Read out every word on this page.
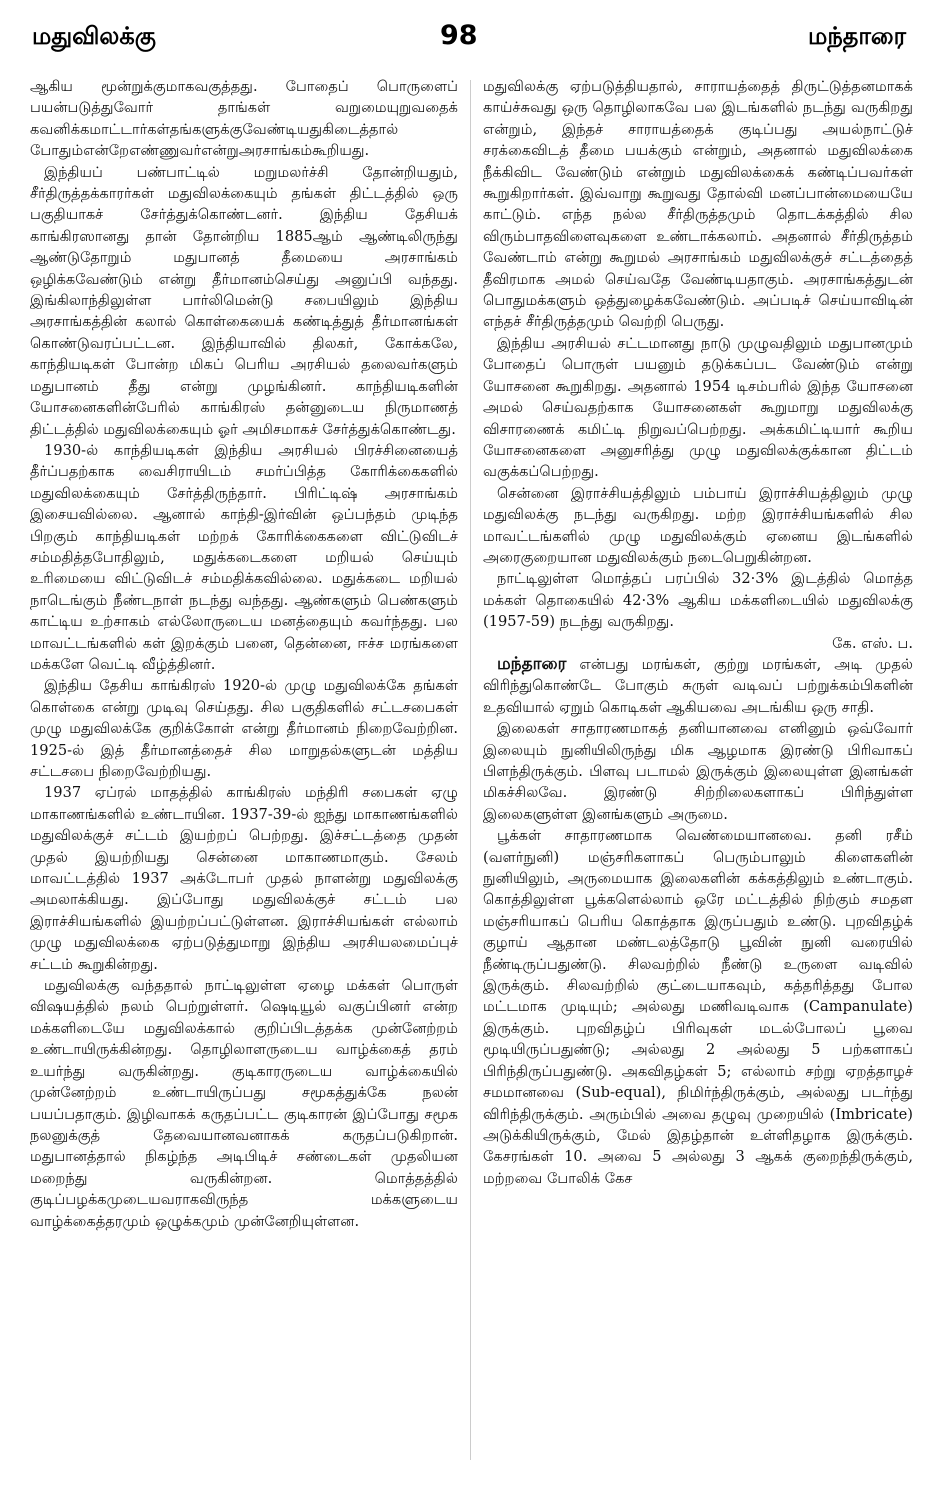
மதுவிலக்கு	98	மந்தாரை

ஆகிய மூன்றுக்குமாகவகுத்தது. போதைப் பொருளைப் பயன்படுத்துவோர் தாங்கள் வறுமையுறுவதைக் கவனிக்கமாட்டார்கள்தங்களுக்குவேண்டியதுகிடைத்தால் போதும்என்றேஎண்ணுவர்என்றுஅரசாங்கம்கூறியது.

இந்தியப் பண்பாட்டில் மறுமலர்ச்சி தோன்றியதும், சீர்திருத்தக்காரர்கள் மதுவிலக்கையும் தங்கள் திட்டத்தில் ஒரு பகுதியாகச் சேர்த்துக்கொண்டனர். இந்திய தேசியக் காங்கிரஸானது தான் தோன்றிய 1885ஆம் ஆண்டிலிருந்து ஆண்டுதோறும் மதுபானத் தீமையை அரசாங்கம் ஒழிக்கவேண்டும் என்று தீர்மானம்செய்து அனுப்பி வந்தது. இங்கிலாந்திலுள்ள பார்லிமென்டு சபையிலும் இந்திய அரசாங்கத்தின் கலால் கொள்கையைக் கண்டித்துத் தீர்மானங்கள் கொண்டுவரப்பட்டன. இந்தியாவில் திலகர், கோக்கலே, காந்தியடிகள் போன்ற மிகப் பெரிய அரசியல் தலைவர்களும் மதுபானம் தீது என்று முழங்கினர். காந்தியடிகளின் யோசனைகளின்பேரில் காங்கிரஸ் தன்னுடைய நிருமாணத் திட்டத்தில் மதுவிலக்கையும் ஓர் அமிசமாகச் சேர்த்துக்கொண்டது.

1930-ல் காந்தியடிகள் இந்திய அரசியல் பிரச்சினையைத் தீர்ப்பதற்காக வைசிராயிடம் சமர்ப்பித்த கோரிக்கைகளில் மதுவிலக்கையும் சேர்த்திருந்தார். பிரிட்டிஷ் அரசாங்கம் இசையவில்லை. ஆனால் காந்தி-இர்வின் ஒப்பந்தம் முடிந்த பிறகும் காந்தியடிகள் மற்றக் கோரிக்கைகளை விட்டுவிடச் சம்மதித்தபோதிலும், மதுக்கடைகளை மறியல் செய்யும் உரிமையை விட்டுவிடச் சம்மதிக்கவில்லை. மதுக்கடை மறியல் நாடெங்கும் நீண்டநாள் நடந்து வந்தது. ஆண்களும் பெண்களும் காட்டிய உற்சாகம் எல்லோருடைய மனத்தையும் கவர்ந்தது. பல மாவட்டங்களில் கள் இறக்கும் பனை, தென்னை, ஈச்ச மரங்களை மக்களே வெட்டி வீழ்த்தினர்.

இந்திய தேசிய காங்கிரஸ் 1920-ல் முழு மதுவிலக்கே தங்கள் கொள்கை என்று முடிவு செய்தது. சில பகுதிகளில் சட்டசபைகள் முழு மதுவிலக்கே குறிக்கோள் என்று தீர்மானம் நிறைவேற்றின. 1925-ல் இத் தீர்மானத்தைச் சில மாறுதல்களுடன் மத்திய சட்டசபை நிறைவேற்றியது.

1937 ஏப்ரல் மாதத்தில் காங்கிரஸ் மந்திரி சபைகள் ஏழு மாகாணங்களில் உண்டாயின. 1937-39-ல் ஐந்து மாகாணங்களில் மதுவிலக்குச் சட்டம் இயற்றப் பெற்றது. இச்சட்டத்தை முதன் முதல் இயற்றியது சென்னை மாகாணமாகும். சேலம் மாவட்டத்தில் 1937 அக்டோபர் முதல் நாளன்று மதுவிலக்கு அமலாக்கியது. இப்போது மதுவிலக்குச் சட்டம் பல இராச்சியங்களில் இயற்றப்பட்டுள்ளன. இராச்சியங்கள் எல்லாம் முழு மதுவிலக்கை ஏற்படுத்துமாறு இந்திய அரசியலமைப்புச் சட்டம் கூறுகின்றது.

மதுவிலக்கு வந்ததால் நாட்டிலுள்ள ஏழை மக்கள் பொருள் விஷயத்தில் நலம் பெற்றுள்ளர். ஷெடியூல் வகுப்பினர் என்ற மக்களிடையே மதுவிலக்கால் குறிப்பிடத்தக்க முன்னேற்றம் உண்டாயிருக்கின்றது. தொழிலாளருடைய வாழ்க்கைத் தரம் உயர்ந்து வருகின்றது. குடிகாரருடைய வாழ்க்கையில் முன்னேற்றம் உண்டாயிருப்பது சமூகத்துக்கே நலன் பயப்பதாகும். இழிவாகக் கருதப்பட்ட குடிகாரன் இப்போது சமூக நலனுக்குத் தேவையானவனாகக் கருதப்படுகிறான். மதுபானத்தால் நிகழ்ந்த அடிபிடிச் சண்டைகள் முதலியன மறைந்து வருகின்றன. மொத்தத்தில் குடிப்பழக்கமுடையவராகவிருந்த மக்களுடைய வாழ்க்கைத்தரமும் ஒழுக்கமும் முன்னேறியுள்ளன.

மதுவிலக்கு ஏற்படுத்தியதால், சாராயத்தைத் திருட்டுத்தனமாகக் காய்ச்சுவது ஒரு தொழிலாகவே பல இடங்களில் நடந்து வருகிறது என்றும், இந்தச் சாராயத்தைக் குடிப்பது அயல்நாட்டுச் சரக்கைவிடத் தீமை பயக்கும் என்றும், அதனால் மதுவிலக்கை நீக்கிவிட வேண்டும் என்றும் மதுவிலக்கைக் கண்டிப்பவர்கள் கூறுகிறார்கள். இவ்வாறு கூறுவது தோல்வி மனப்பான்மையையே காட்டும். எந்த நல்ல சீர்திருத்தமும் தொடக்கத்தில் சில விரும்பாதவிளைவுகளை உண்டாக்கலாம். அதனால் சீர்திருத்தம் வேண்டாம் என்று கூறுமல் அரசாங்கம் மதுவிலக்குச் சட்டத்தைத் தீவிரமாக அமல் செய்வதே வேண்டியதாகும். அரசாங்கத்துடன் பொதுமக்களும் ஒத்துழைக்கவேண்டும். அப்படிச் செய்யாவிடின் எந்தச் சீர்திருத்தமும் வெற்றி பெருது.

இந்திய அரசியல் சட்டமானது நாடு முழுவதிலும் மதுபானமும் போதைப் பொருள் பயனும் தடுக்கப்பட வேண்டும் என்று யோசனை கூறுகிறது. அதனால் 1954 டிசம்பரில் இந்த யோசனை அமல் செய்வதற்காக யோசனைகள் கூறுமாறு மதுவிலக்கு விசாரணைக் கமிட்டி நிறுவப்பெற்றது. அக்கமிட்டியார் கூறிய யோசனைகளை அனுசரித்து முழு மதுவிலக்குக்கான திட்டம் வகுக்கப்பெற்றது.

சென்னை இராச்சியத்திலும் பம்பாய் இராச்சியத்திலும் முழு மதுவிலக்கு நடந்து வருகிறது. மற்ற இராச்சியங்களில் சில மாவட்டங்களில் முழு மதுவிலக்கும் ஏனைய இடங்களில் அரைகுறையான மதுவிலக்கும் நடைபெறுகின்றன.

நாட்டிலுள்ள மொத்தப் பரப்பில் 32·3% இடத்தில் மொத்த மக்கள் தொகையில் 42·3% ஆகிய மக்களிடையில் மதுவிலக்கு (1957-59) நடந்து வருகிறது.

கே. எஸ். ப.

மந்தாரை என்பது மரங்கள், குற்று மரங்கள், அடி முதல் விரிந்துகொண்டே போகும் சுருள் வடிவப் பற்றுக்கம்பிகளின் உதவியால் ஏறும் கொடிகள் ஆகியவை அடங்கிய ஒரு சாதி.

இலைகள் சாதாரணமாகத் தனியானவை எனினும் ஒவ்வோர் இலையும் நுனியிலிருந்து மிக ஆழமாக இரண்டு பிரிவாகப் பிளந்திருக்கும். பிளவு படாமல் இருக்கும் இலையுள்ள இனங்கள் மிகச்சிலவே. இரண்டு சிற்றிலைகளாகப் பிரிந்துள்ள இலைகளுள்ள இனங்களும் அருமை.

பூக்கள் சாதாரணமாக வெண்மையானவை. தனி ரசீம் (வளர்நுனி) மஞ்சரிகளாகப் பெரும்பாலும் கிளைகளின் நுனியிலும், அருமையாக இலைகளின் கக்கத்திலும் உண்டாகும். கொத்திலுள்ள பூக்களெல்லாம் ஒரே மட்டத்தில் நிற்கும் சமதள மஞ்சரியாகப் பெரிய கொத்தாக இருப்பதும் உண்டு. புறவிதழ்க் குழாய் ஆதான மண்டலத்தோடு பூவின் நுனி வரையில் நீண்டிருப்பதுண்டு. சிலவற்றில் நீண்டு உருளை வடிவில் இருக்கும். சிலவற்றில் குட்டையாகவும், கத்தரித்தது போல மட்டமாக முடியும்; அல்லது மணிவடிவாக (Campanulate) இருக்கும். புறவிதழ்ப் பிரிவுகள் மடல்போலப் பூவை மூடியிருப்பதுண்டு; அல்லது 2 அல்லது 5 பற்களாகப் பிரிந்திருப்பதுண்டு. அகவிதழ்கள் 5; எல்லாம் சற்று ஏறத்தாழச் சமமானவை (Sub-equal), நிமிர்ந்திருக்கும், அல்லது படர்ந்து விரிந்திருக்கும். அரும்பில் அவை தழுவு முறையில் (Imbricate) அடுக்கியிருக்கும், மேல் இதழ்தான் உள்ளிதழாக இருக்கும். கேசரங்கள் 10. அவை 5 அல்லது 3 ஆகக் குறைந்திருக்கும், மற்றவை போலிக் கேச
